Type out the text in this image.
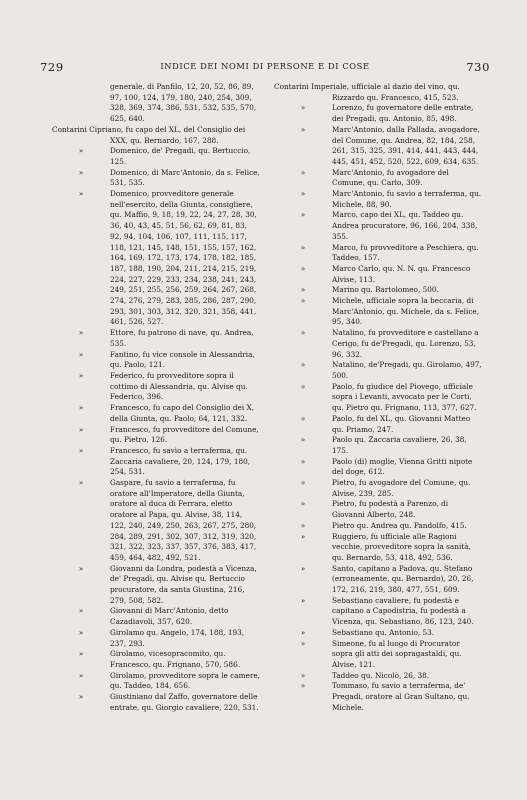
729	INDICE DEI NOMI DI PERSONE E DI COSE	730

generale, di Panfilo, 12, 20, 52, 86, 89, 97, 100, 124, 179, 180, 240, 254, 309, 328, 369, 374, 386, 531, 532, 535, 570, 625, 640.

Contarini Cipriano, fu capo del XL, del Consiglio dei XXX, qu. Bernardo, 167, 288.

»	Domenico, de' Pregadi, qu. Bertuccio, 125.

»	Domenico, di Marc'Antonio, da s. Felice, 531, 535.

»	Domenico, provveditore generale nell'esercito, della Giunta, consigliere, qu. Maffio, 9, 18, 19, 22, 24, 27, 28, 30, 36, 40, 43, 45, 51, 56, 62, 69, 81, 83, 92, 94, 104, 106, 107, 111, 115, 117, 118, 121, 145, 148, 151, 155, 157, 162, 164, 169, 172, 173, 174, 178, 182, 185, 187, 188, 190, 204, 211, 214, 215, 219, 224, 227, 229, 233, 234, 238, 241, 243, 249, 251, 255, 256, 259, 264, 267, 268, 274, 276, 279, 283, 285, 286, 287, 290, 293, 301, 303, 312, 320, 321, 358, 441, 461, 526, 527.

»	Ettore, fu patrono di nave, qu. Andrea, 535.

»	Fantino, fu vice console in Alessandria, qu. Paolo, 121.

»	Federico, fu provveditore sopra il cottimo di Alessandria, qu. Alvise qu. Federico, 396.

»	Francesco, fu capo del Consiglio dei X, della Giunta, qu. Paolo, 64, 121, 332.

»	Francesco, fu provveditore del Comune, qu. Pietro, 126.

»	Francesco, fu savio a terraferma, qu. Zaccaria cavaliere, 20, 124, 179, 180, 254, 531.

»	Gaspare, fu savio a terraferma, fu oratore all'Imperatore, della Giunta, oratore al duca di Ferrara, eletto oratore al Papa, qu. Alvise, 38, 114, 122, 240, 249, 250, 263, 267, 275, 280, 284, 289, 291, 302, 307, 312, 319, 320, 321, 322, 323, 337, 357, 376, 383, 417, 459, 464, 482, 492, 521.

»	Giovanni da Londra, podestà a Vicenza, de' Pregadi, qu. Alvise qu. Bertuccio procuratore, da santa Giustina, 216, 279, 508, 582.

»	Giovanni di Marc'Antonio, detto Cazadiavoli, 357, 620.

»	Girolamo qu. Angelo, 174, 188, 193, 237, 293.

»	Girolamo, vicesopracomito, qu. Francesco, qu. Frignano, 570, 586.

»	Girolamo, provveditore sopra le camere, qu. Taddeo, 184, 656.

»	Giustiniano dal Zaffo, governatore delle entrate, qu. Giorgio cavaliere, 220, 531.

Contarini Imperiale, ufficiale al dazio del vino, qu. Rizzardo qu. Francesco, 415, 523.

»	Lorenzo, fu governatore delle entrate, dei Pregadi, qu. Antonio, 85, 498.

»	Marc'Antonio, dalla Pallada, avogadore, del Comune, qu. Andrea, 82, 184, 258, 261, 315, 325, 391, 414, 441, 443, 444, 445, 451, 452, 520, 522, 609, 634, 635.

»	Marc'Antonio, fu avogadore del Comune, qu. Carlo, 309.

»	Marc'Antonio, fu savio a terraferma, qu. Michele, 88, 90.

»	Marco, capo dei XL, qu. Taddeo qu. Andrea procuratore, 96, 166, 204, 338, 355.

»	Marco, fu provveditore a Peschiera, qu. Taddeo, 157.

»	Marco Carlo, qu. N. N. qu. Francesco Alvise, 113.

»	Marino qu. Bartolomeo, 500.

»	Michele, ufficiale sopra la beccaria, di Marc'Antonio, qu. Michele, da s. Felice, 95, 340.

»	Natalino, fu provveditore e castellano a Cerigo, fu de'Pregadi, qu. Lorenzo, 53, 96, 332.

»	Natalino, de'Pregadi, qu. Girolamo, 497, 500.

»	Paolo, fu giudice del Piovego, ufficiale sopra i Levanti, avvocato per le Corti, qu. Pietro qu. Frignano, 113, 377, 627.

»	Paolo, fu del XL, qu. Giovanni Matteo qu. Priamo, 247.

»	Paolo qu. Zaccaria cavaliere, 26, 38, 175.

»	Paolo (di) moglie, Vienna Gritti nipote del doge, 612.

»	Pietro, fu avogadore del Comune, qu. Alvise, 239, 285.

»	Pietro, fu podestà a Parenzo, di Giovanni Alberto, 248.

»	Pietro qu. Andrea qu. Pandolfo, 415.

»	Ruggiero, fu ufficiale alle Ragioni vecchie, provveditore sopra la sanità, qu. Bernardo, 53, 418, 492, 536.

»	Santo, capitano a Padova, qu. Stefano (erroneamente, qu. Bernardo), 20, 26, 172, 216, 219, 380, 477, 551, 609.

»	Sebastiano cavaliere, fu podestà e capitano a Capodistria, fu podestà a Vicenza, qu. Sebastiano, 86, 123, 240.

»	Sebastiano qu. Antonio, 53.

»	Simeone, fu al luogo di Procurator sopra gli atti dei sopragastaldi, qu. Alvise, 121.

»	Taddeo qu. Nicolò, 26, 38.

»	Tommaso, fu savio a terraferma, de' Pregadi, oratore al Gran Sultano, qu. Michele.
